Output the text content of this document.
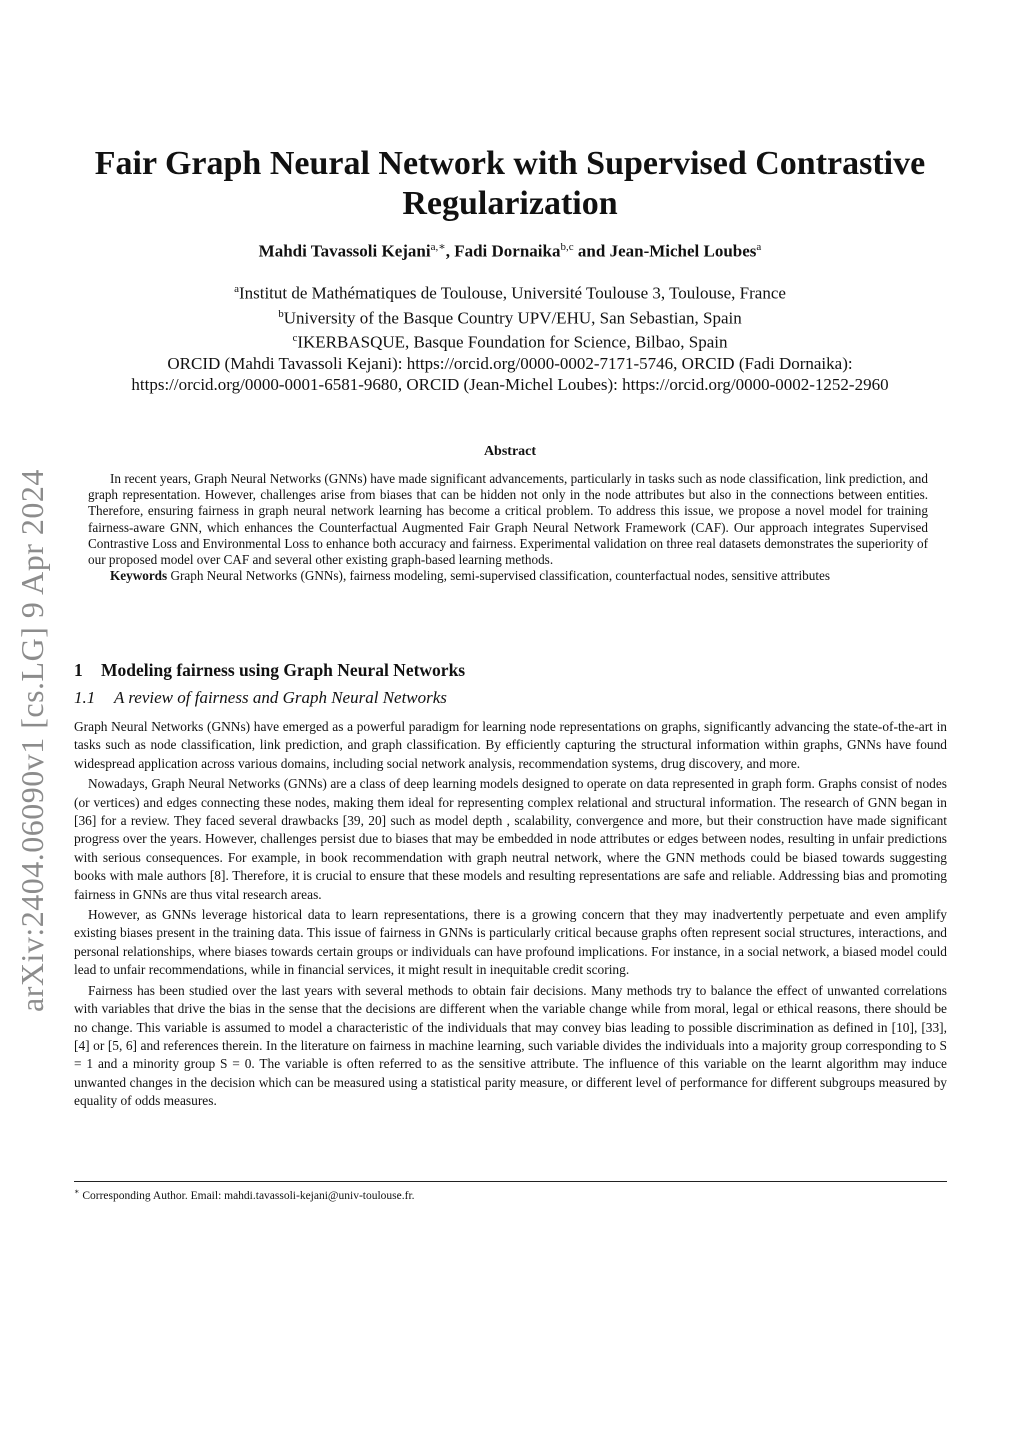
arXiv:2404.06090v1 [cs.LG] 9 Apr 2024
Fair Graph Neural Network with Supervised Contrastive Regularization
Mahdi Tavassoli Kejani$^{a,∗}$, Fadi Dornaika$^{b,c}$ and Jean-Michel Loubes$^a$
$^a$Institut de Mathématiques de Toulouse, Université Toulouse 3, Toulouse, France
$^b$University of the Basque Country UPV/EHU, San Sebastian, Spain
$^c$IKERBASQUE, Basque Foundation for Science, Bilbao, Spain
ORCID (Mahdi Tavassoli Kejani): https://orcid.org/0000-0002-7171-5746, ORCID (Fadi Dornaika):
https://orcid.org/0000-0001-6581-9680, ORCID (Jean-Michel Loubes): https://orcid.org/0000-0002-1252-2960
Abstract

In recent years, Graph Neural Networks (GNNs) have made significant advancements, particularly in tasks such as node classification, link prediction, and graph representation. However, challenges arise from biases that can be hidden not only in the node attributes but also in the connections between entities. Therefore, ensuring fairness in graph neural network learning has become a critical problem. To address this issue, we propose a novel model for training fairness-aware GNN, which enhances the Counterfactual Augmented Fair Graph Neural Network Framework (CAF). Our approach integrates Supervised Contrastive Loss and Environmental Loss to enhance both accuracy and fairness. Experimental validation on three real datasets demonstrates the superiority of our proposed model over CAF and several other existing graph-based learning methods.

Keywords Graph Neural Networks (GNNs), fairness modeling, semi-supervised classification, counterfactual nodes, sensitive attributes

1 Modeling fairness using Graph Neural Networks
1.1 A review of fairness and Graph Neural Networks

Graph Neural Networks (GNNs) have emerged as a powerful paradigm for learning node representations on graphs, significantly advancing the state-of-the-art in tasks such as node classification, link prediction, and graph classification. By efficiently capturing the structural information within graphs, GNNs have found widespread application across various domains, including social network analysis, recommendation systems, drug discovery, and more.

Nowadays, Graph Neural Networks (GNNs) are a class of deep learning models designed to operate on data represented in graph form. Graphs consist of nodes (or vertices) and edges connecting these nodes, making them ideal for representing complex relational and structural information. The research of GNN began in [36] for a review. They faced several drawbacks [39, 20] such as model depth , scalability, convergence and more, but their construction have made significant progress over the years. However, challenges persist due to biases that may be embedded in node attributes or edges between nodes, resulting in unfair predictions with serious consequences. For example, in book recommendation with graph neutral network, where the GNN methods could be biased towards suggesting books with male authors [8]. Therefore, it is crucial to ensure that these models and resulting representations are safe and reliable. Addressing bias and promoting fairness in GNNs are thus vital research areas.

However, as GNNs leverage historical data to learn representations, there is a growing concern that they may inadvertently perpetuate and even amplify existing biases present in the training data. This issue of fairness in GNNs is particularly critical because graphs often represent social structures, interactions, and personal relationships, where biases towards certain groups or individuals can have profound implications. For instance, in a social network, a biased model could lead to unfair recommendations, while in financial services, it might result in inequitable credit scoring.

Fairness has been studied over the last years with several methods to obtain fair decisions. Many methods try to balance the effect of unwanted correlations with variables that drive the bias in the sense that the decisions are different when the variable change while from moral, legal or ethical reasons, there should be no change. This variable is assumed to model a characteristic of the individuals that may convey bias leading to possible discrimination as defined in [10], [33], [4] or [5, 6] and references therein. In the literature on fairness in machine learning, such variable divides the individuals into a majority group corresponding to S = 1 and a minority group S = 0. The variable is often referred to as the sensitive attribute. The influence of this variable on the learnt algorithm may induce unwanted changes in the decision which can be measured using a statistical parity measure, or different level of performance for different subgroups measured by equality of odds measures.

∗ Corresponding Author. Email: mahdi.tavassoli-kejani@univ-toulouse.fr.
